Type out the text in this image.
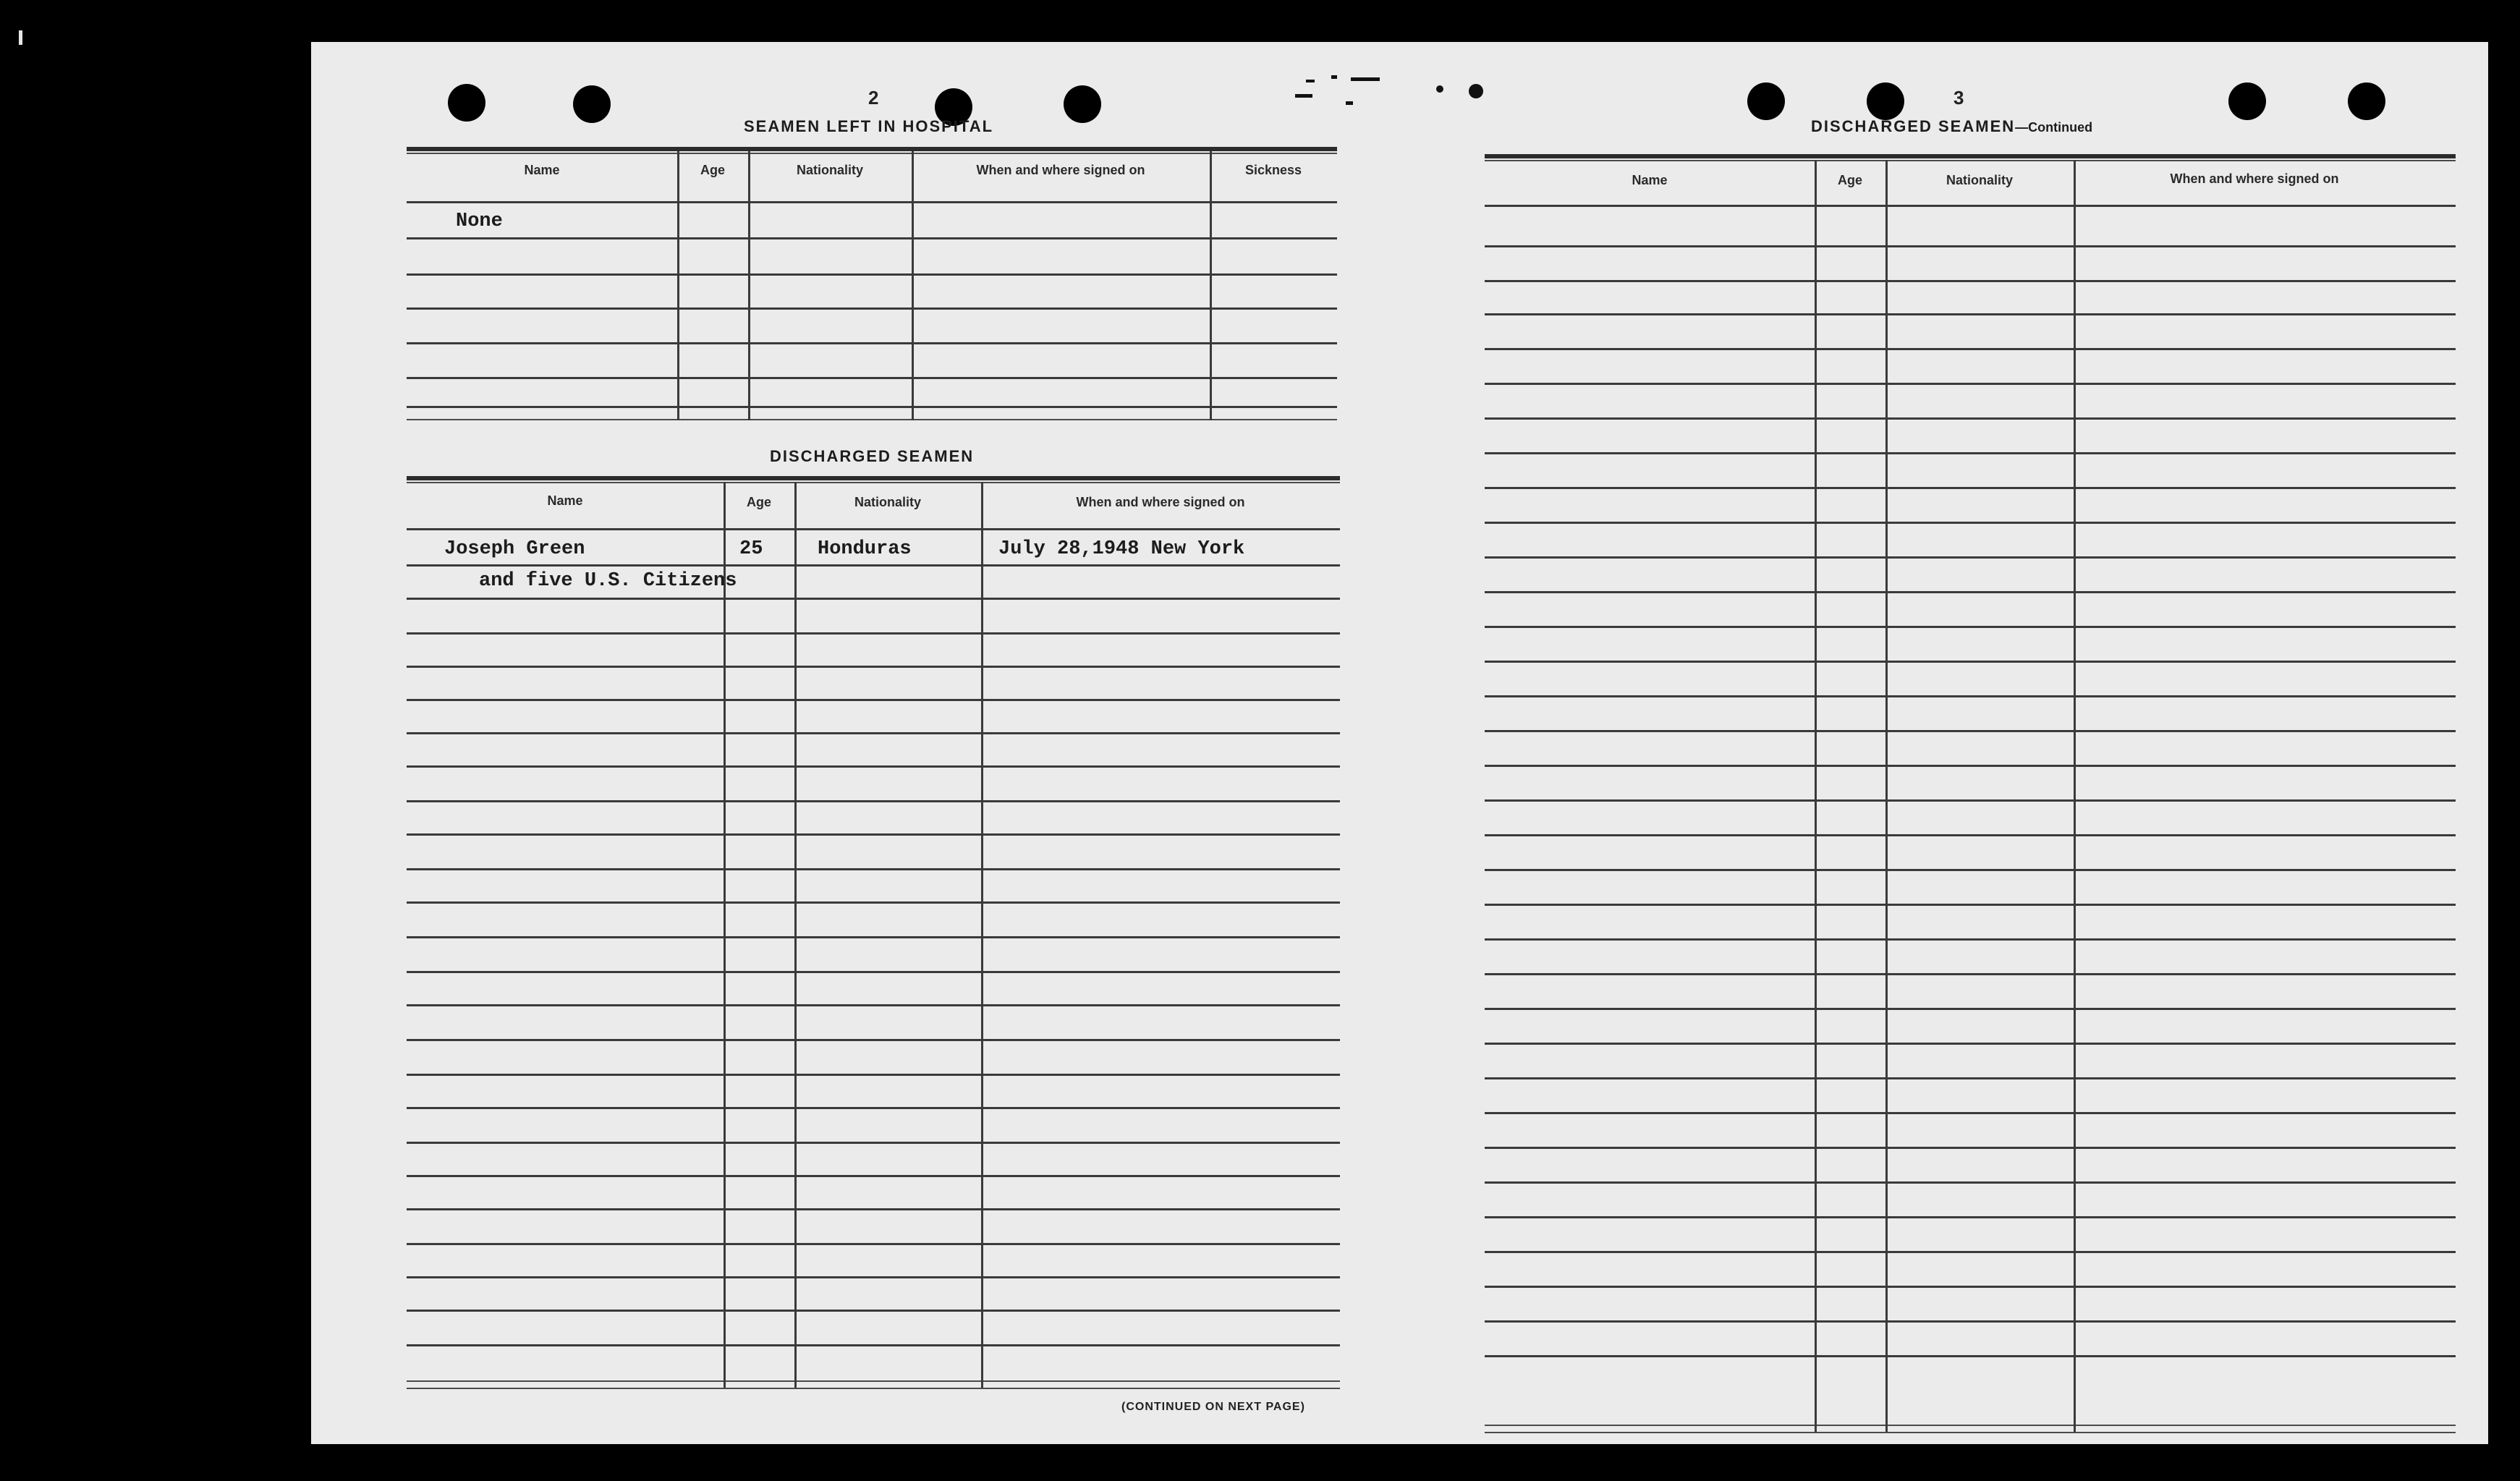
2
SEAMEN LEFT IN HOSPITAL
Name	Age	Nationality	When and where signed on	Sickness
None
DISCHARGED SEAMEN
Name	Age	Nationality	When and where signed on
Joseph Green	25	Honduras	July 28,1948 New York
and five U.S. Citizens
(CONTINUED ON NEXT PAGE)
3
DISCHARGED SEAMEN—Continued
Name	Age	Nationality	When and where signed on
